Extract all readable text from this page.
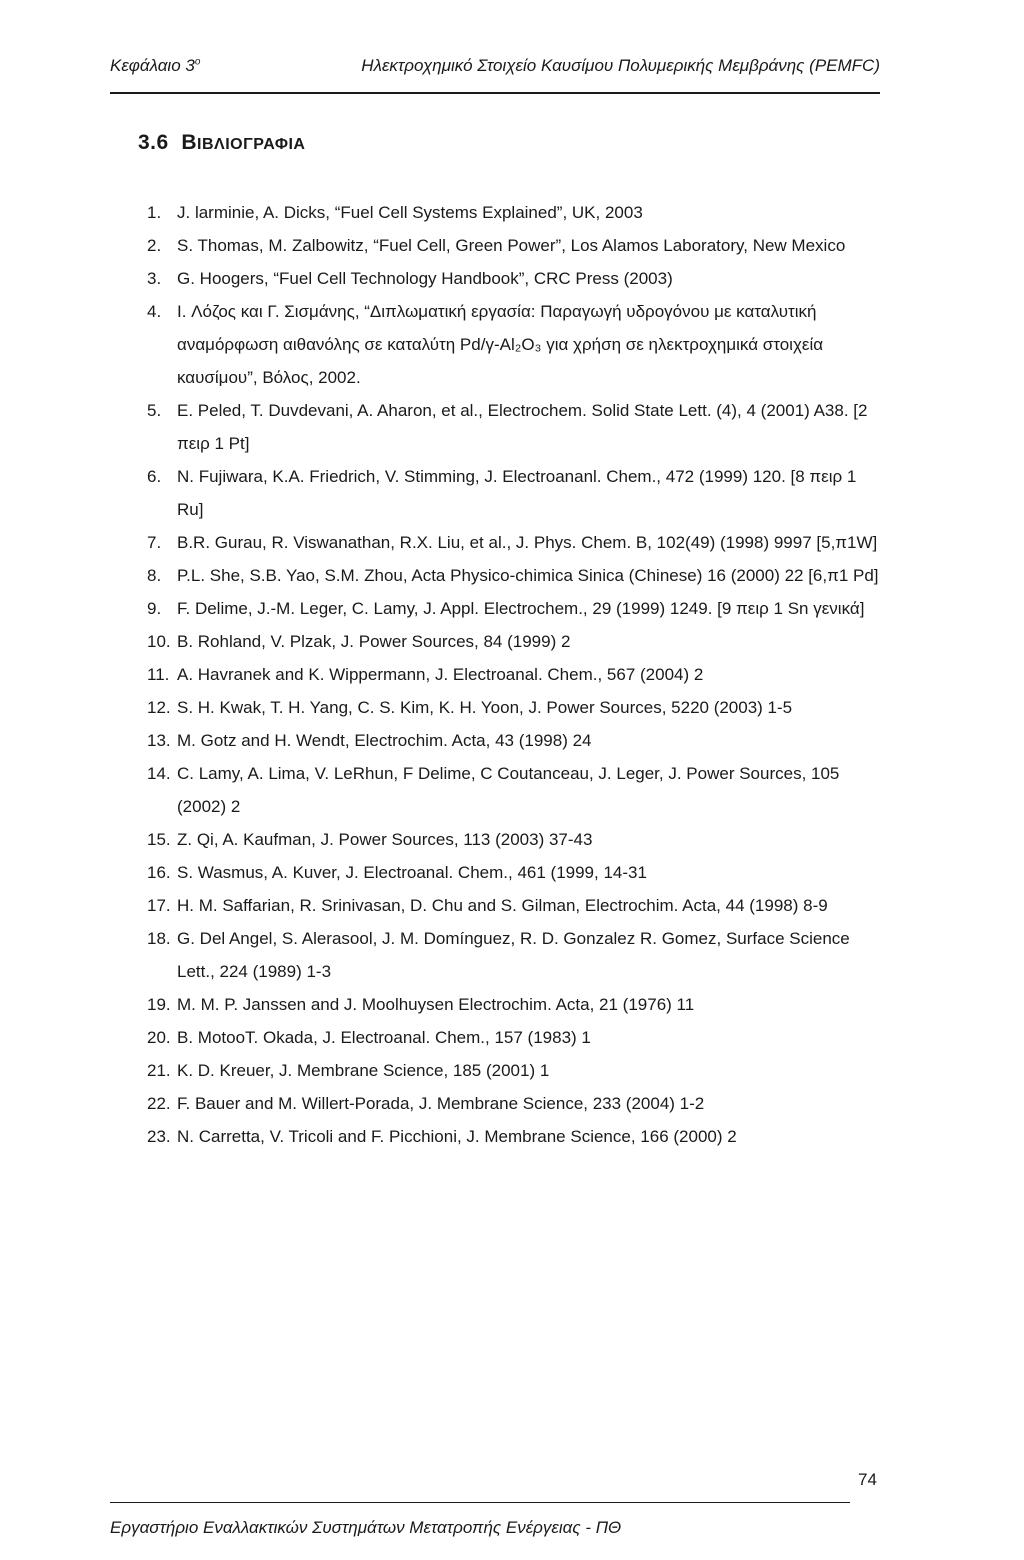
Κεφάλαιο $3^o$	Ηλεκτροχημικό Στοιχείο Καυσίμου Πολυμερικής Μεμβράνης (PEMFC)
3.6 ΒΙΒΛΙΟΓΡΑΦΙΑ
1. J. larminie, A. Dicks, “Fuel Cell Systems Explained”, UK, 2003
2. S. Thomas, M. Zalbowitz, “Fuel Cell, Green Power”, Los Alamos Laboratory, New Mexico
3. G. Hoogers, “Fuel Cell Technology Handbook”, CRC Press (2003)
4. I. Λόζος και Γ. Σισμάνης, “Διπλωματική εργασία: Παραγωγή υδρογόνου με καταλυτική αναμόρφωση αιθανόλης σε καταλύτη Pd/γ-Al₂O₃ για χρήση σε ηλεκτροχημικά στοιχεία καυσίμου”, Βόλος, 2002.
5. E. Peled, T. Duvdevani, A. Aharon, et al., Electrochem. Solid State Lett. (4), 4 (2001) A38. [2 πειρ 1 Pt]
6. N. Fujiwara, K.A. Friedrich, V. Stimming, J. Electroananl. Chem., 472 (1999) 120. [8 πειρ 1 Ru]
7. B.R. Gurau, R. Viswanathan, R.X. Liu, et al., J. Phys. Chem. B, 102(49) (1998) 9997 [5,π1W]
8. P.L. She, S.B. Yao, S.M. Zhou, Acta Physico-chimica Sinica (Chinese) 16 (2000) 22 [6,π1 Pd]
9. F. Delime, J.-M. Leger, C. Lamy, J. Appl. Electrochem., 29 (1999) 1249. [9 πειρ 1 Sn γενικά]
10. B. Rohland, V. Plzak, J. Power Sources, 84 (1999) 2
11. A. Havranek and K. Wippermann, J. Electroanal. Chem., 567 (2004) 2
12. S. H. Kwak, T. H. Yang, C. S. Kim, K. H. Yoon, J. Power Sources, 5220 (2003) 1-5
13. M. Gotz and H. Wendt, Electrochim. Acta, 43 (1998) 24
14. C. Lamy, A. Lima, V. LeRhun, F Delime, C Coutanceau, J. Leger, J. Power Sources, 105 (2002) 2
15. Z. Qi, A. Kaufman, J. Power Sources, 113 (2003) 37-43
16. S. Wasmus, A. Kuver, J. Electroanal. Chem., 461 (1999, 14-31
17. H. M. Saffarian, R. Srinivasan, D. Chu and S. Gilman, Electrochim. Acta, 44 (1998) 8-9
18. G. Del Angel, S. Alerasool, J. M. Domínguez, R. D. Gonzalez R. Gomez, Surface Science Lett., 224 (1989) 1-3
19. M. M. P. Janssen and J. Moolhuysen Electrochim. Acta, 21 (1976) 11
20. B. MotooT. Okada, J. Electroanal. Chem., 157 (1983) 1
21. K. D. Kreuer, J. Membrane Science, 185 (2001) 1
22. F. Bauer and M. Willert-Porada, J. Membrane Science, 233 (2004) 1-2
23. N. Carretta, V. Tricoli and F. Picchioni, J. Membrane Science, 166 (2000) 2
74
Εργαστήριο Εναλλακτικών Συστημάτων Μετατροπής Ενέργειας - ΠΘ
